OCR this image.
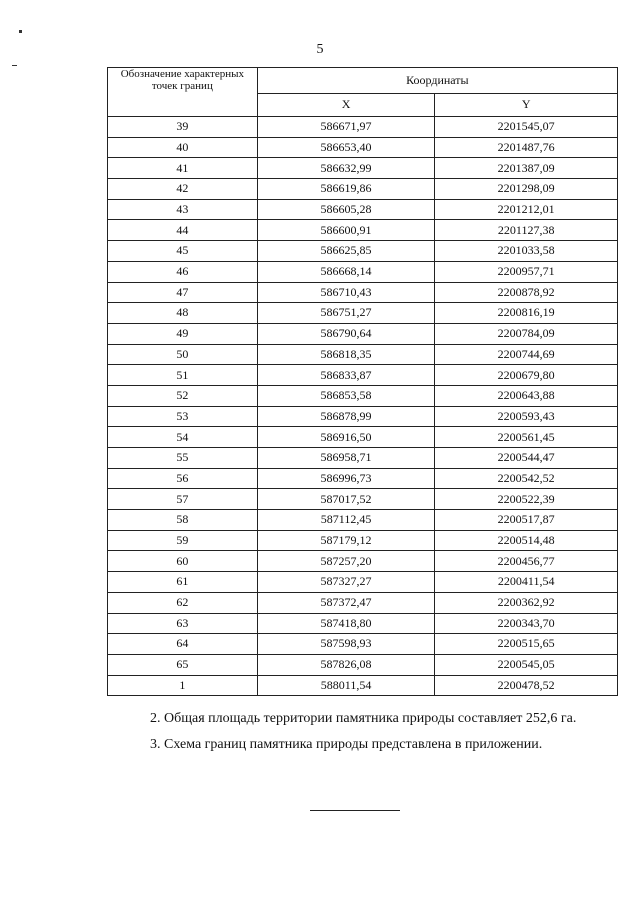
5
Обозначение характерных точек границ	Координаты	
	X	Y
39	586671,97	2201545,07
40	586653,40	2201487,76
41	586632,99	2201387,09
42	586619,86	2201298,09
43	586605,28	2201212,01
44	586600,91	2201127,38
45	586625,85	2201033,58
46	586668,14	2200957,71
47	586710,43	2200878,92
48	586751,27	2200816,19
49	586790,64	2200784,09
50	586818,35	2200744,69
51	586833,87	2200679,80
52	586853,58	2200643,88
53	586878,99	2200593,43
54	586916,50	2200561,45
55	586958,71	2200544,47
56	586996,73	2200542,52
57	587017,52	2200522,39
58	587112,45	2200517,87
59	587179,12	2200514,48
60	587257,20	2200456,77
61	587327,27	2200411,54
62	587372,47	2200362,92
63	587418,80	2200343,70
64	587598,93	2200515,65
65	587826,08	2200545,05
1	588011,54	2200478,52
2. Общая площадь территории памятника природы составляет 252,6 га.
3. Схема границ памятника природы представлена в приложении.
